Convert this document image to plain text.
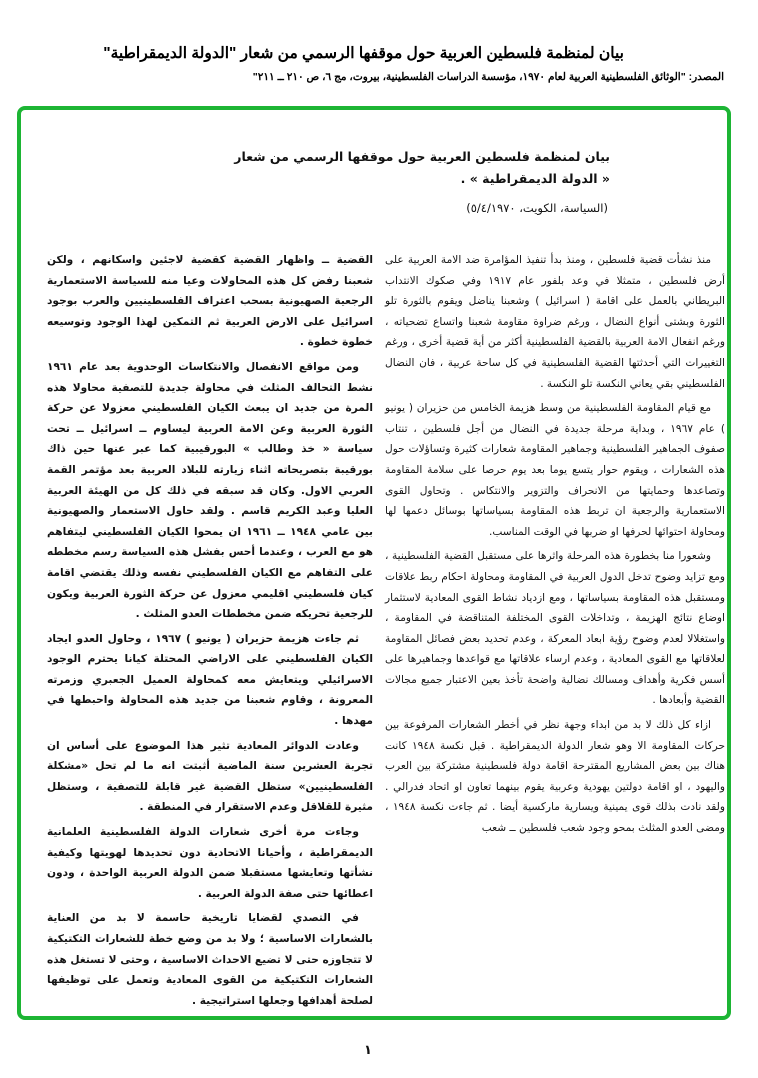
بيان لمنظمة فلسطين العربية حول موقفها الرسمي من شعار "الدولة الديمقراطية"
المصدر: "الوثائق الفلسطينية العربية لعام ١٩٧٠، مؤسسة الدراسات الفلسطينية، بيروت، مج ٦، ص ٢١٠ ــ ٢١١"
بيان لمنظمة فلسطين العربية حول موقفها الرسمي من شعار
« الدولة الديمقراطية » .
(السياسة، الكويت، ٥/٤/١٩٧٠)

منذ نشأت قضية فلسطين ، ومنذ بدأ تنفيذ المؤامرة ضد الامة العربية على أرض فلسطين ، متمثلا في وعد بلفور عام ١٩١٧ وفي صكوك الانتداب البريطاني بالعمل على اقامة ( اسرائيل ) وشعبنا يناضل ويقوم بالثورة تلو الثورة وبشتى أنواع النضال ، ورغم ضراوة مقاومة شعبنا واتساع تضحياته ، ورغم انفعال الامة العربية بالقضية الفلسطينية أكثر من أية قضية أخرى ، ورغم التغييرات التي أحدثتها القضية الفلسطينية في كل ساحة عربية ، فان النضال الفلسطيني بقي يعاني النكسة تلو النكسة .

مع قيام المقاومة الفلسطينية من وسط هزيمة الخامس من حزيران ( يونيو ) عام ١٩٦٧ ، وبداية مرحلة جديدة في النضال من أجل فلسطين ، تنتاب صفوف الجماهير الفلسطينية وجماهير المقاومة شعارات كثيرة وتساؤلات حول هذه الشعارات ، ويقوم حوار يتسع يوما بعد يوم حرصا على سلامة المقاومة وتصاعدها وحمايتها من الانحراف والتزوير والانتكاس . وتحاول القوى الاستعمارية والرجعية ان تربط هذه المقاومة بسياساتها بوسائل دعمها لها ومحاولة احتوائها لحرفها او ضربها في الوقت المناسب.

وشعورا منا بخطورة هذه المرحلة واثرها على مستقبل القضية الفلسطينية ، ومع تزايد وضوح تدخل الدول العربية في المقاومة ومحاولة احكام ربط علاقات ومستقبل هذه المقاومة بسياساتها ، ومع ازدياد نشاط القوى المعادية لاستثمار اوضاع نتائج الهزيمة ، وتداخلات القوى المختلفة المتناقضة في المقاومة ، واستغلالا لعدم وضوح رؤية ابعاد المعركة ، وعدم تحديد بعض فصائل المقاومة لعلاقاتها مع القوى المعادية ، وعدم ارساء علاقاتها مع قواعدها وجماهيرها على أسس فكرية وأهداف ومسالك نضالية واضحة تأخذ بعين الاعتبار جميع مجالات القضية وأبعادها .

ازاء كل ذلك لا بد من ابداء وجهة نظر في أخطر الشعارات المرفوعة بين حركات المقاومة الا وهو شعار الدولة الديمقراطية . قبل نكسة ١٩٤٨ كانت هناك بين بعض المشاريع المقترحة اقامة دولة فلسطينية مشتركة بين العرب واليهود ، او اقامة دولتين يهودية وعربية يقوم بينهما تعاون او اتحاد فدرالي . ولقد نادت بذلك قوى يمينية ويسارية ماركسية أيضا . ثم جاءت نكسة ١٩٤٨ ، ومضى العدو المثلث بمحو وجود شعب فلسطين ــ شعب

القضية ــ واظهار القضية كقضية لاجئين واسكانهم ، ولكن شعبنا رفض كل هذه المحاولات وعيا منه للسياسة الاستعمارية الرجعية الصهيونية بسحب اعتراف الفلسطينيين والعرب بوجود اسرائيل على الارض العربية ثم التمكين لهذا الوجود وتوسيعه خطوة خطوة .

ومن مواقع الانفصال والانتكاسات الوحدوية بعد عام ١٩٦١ نشط التحالف المثلث في محاولة جديدة للتصفية محاولا هذه المرة من جديد ان يبعث الكيان الفلسطيني معزولا عن حركة الثورة العربية وعن الامة العربية ليساوم ــ اسرائيل ــ تحت سياسة « خذ وطالب » البورقيبية كما عبر عنها حين ذاك بورقيبة بتصريحاته اثناء زيارته للبلاد العربية بعد مؤتمر القمة العربي الاول. وكان قد سبقه في ذلك كل من الهيئة العربية العليا وعبد الكريم قاسم . ولقد حاول الاستعمار والصهيونية بين عامي ١٩٤٨ ــ ١٩٦١ ان يمحوا الكيان الفلسطيني ليتفاهم هو مع العرب ، وعندما أحس بفشل هذه السياسة رسم مخططه على التفاهم مع الكيان الفلسطيني نفسه وذلك يقتضي اقامة كيان فلسطيني اقليمي معزول عن حركة الثورة العربية ويكون للرجعية تحريكه ضمن مخططات العدو المثلث .

ثم جاءت هزيمة حزيران ( يونيو ) ١٩٦٧ ، وحاول العدو ايجاد الكيان الفلسطيني على الاراضي المحتلة كيانا يحترم الوجود الاسرائيلي ويتعايش معه كمحاولة العميل الجعبري وزمرته المعرونة ، وقاوم شعبنا من جديد هذه المحاولة واحبطها في مهدها .

وعادت الدوائر المعادية تثير هذا الموضوع على أساس ان تجربة العشرين سنة الماضية أثبتت انه ما لم تحل «مشكلة الفلسطينيين» ستظل القضية غير قابلة للتصفية ، وستظل مثيرة للقلاقل وعدم الاستقرار في المنطقة .

وجاءت مرة أخرى شعارات الدولة الفلسطينية العلمانية الديمقراطية ، وأحيانا الاتحادية دون تحديدها لهويتها وكيفية نشأتها وتعايشها مستقبلا ضمن الدولة العربية الواحدة ، ودون اعطائها حتى صفة الدولة العربية .

في التصدي لقضايا تاريخية حاسمة لا بد من العناية بالشعارات الاساسية ؛ ولا بد من وضع خطة للشعارات التكتيكية لا تتجاوزه حتى لا تضيع الاحداث الاساسية ، وحتى لا تستغل هذه الشعارات التكتيكية من القوى المعادية وتعمل على توظيفها لصلحة أهدافها وجعلها استراتيجية .

١
